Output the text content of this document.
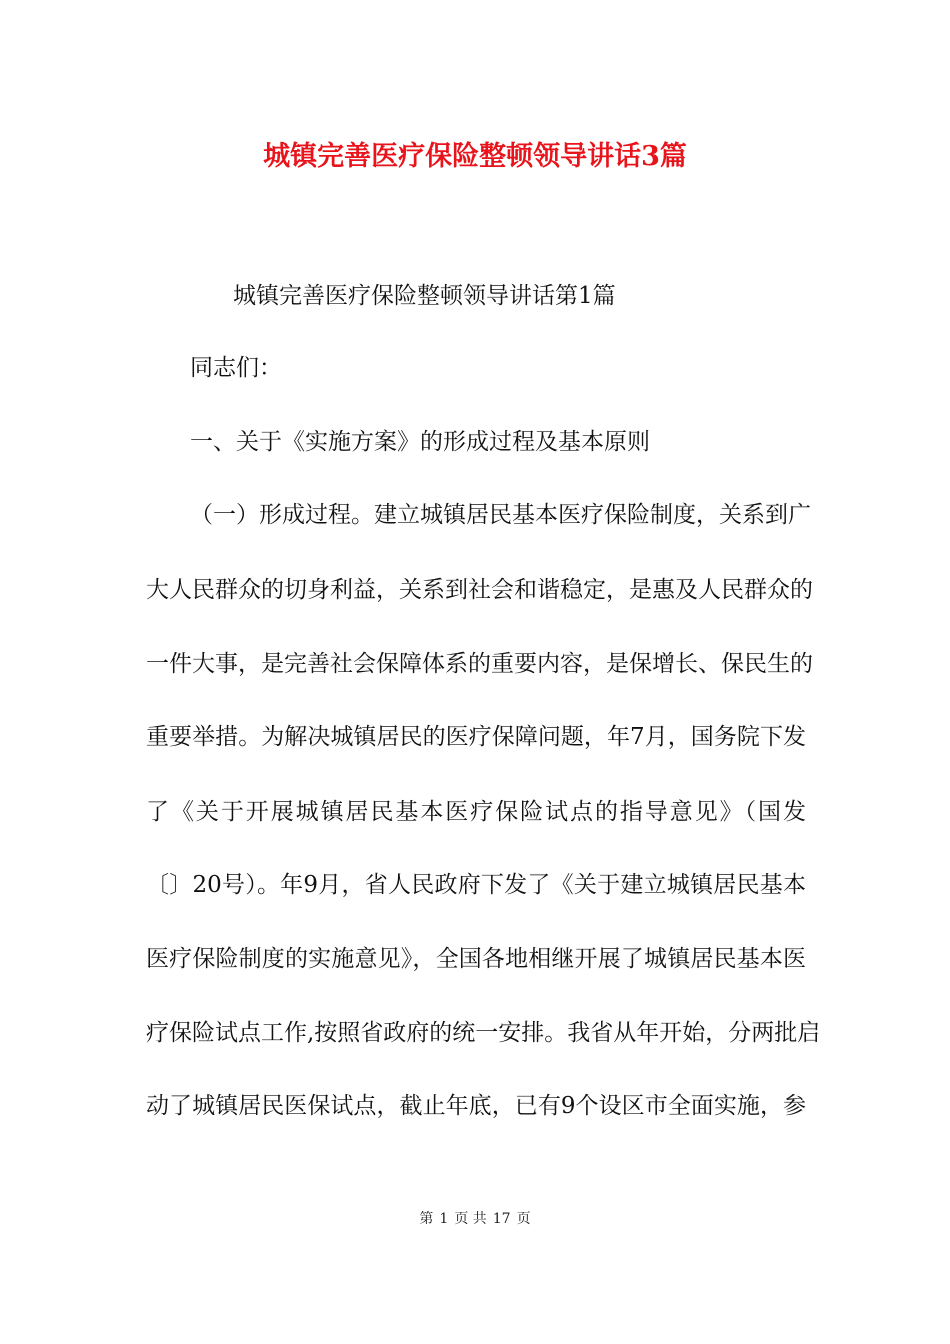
城镇完善医疗保险整顿领导讲话3篇
城镇完善医疗保险整顿领导讲话第1篇
同志们：
一、关于《实施方案》的形成过程及基本原则
（一）形成过程。建立城镇居民基本医疗保险制度，关系到广
大人民群众的切身利益，关系到社会和谐稳定，是惠及人民群众的
一件大事，是完善社会保障体系的重要内容，是保增长、保民生的
重要举措。为解决城镇居民的医疗保障问题，年7月，国务院下发
了《关于开展城镇居民基本医疗保险试点的指导意见》（国发
〔〕20号）。年9月，省人民政府下发了《关于建立城镇居民基本
医疗保险制度的实施意见》，全国各地相继开展了城镇居民基本医
疗保险试点工作,按照省政府的统一安排。我省从年开始，分两批启
动了城镇居民医保试点，截止年底，已有9个设区市全面实施，参
第 1 页 共 17 页
